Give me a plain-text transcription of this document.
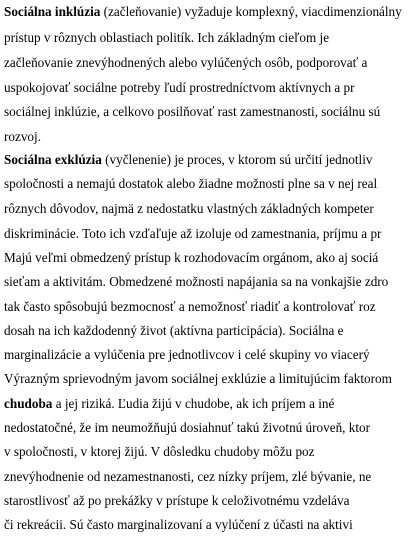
Sociálna inklúzia (začleňovanie) vyžaduje komplexný, viacdimenzionálny
prístup v rôznych oblastiach politík. Ich základným cieľom je
začleňovanie znevýhodnených alebo vylúčených osôb, podporovať a
uspokojovať sociálne potreby ľudí prostredníctvom aktívnych a pr
sociálnej inklúzie, a celkovo posilňovať rast zamestnanosti, sociálnu sú
rozvoj.
Sociálna exklúzia (vyčlenenie) je proces, v ktorom sú určití jednotliv
spoločnosti a nemajú dostatok alebo žiadne možnosti plne sa v nej real
rôznych dôvodov, najmä z nedostatku vlastných základných kompeter
diskriminácie. Toto ich vzďaľuje až izoluje od zamestnania, príjmu a pr
Majú veľmi obmedzený prístup k rozhodovacím orgánom, ako aj sociá
sieťam a aktivitám. Obmedzené možnosti napájania sa na vonkajšie zdro
tak často spôsobujú bezmocnosť a nemožnosť riadiť a kontrolovať roz
dosah na ich každodenný život (aktívna participácia). Sociálna e
marginalizácie a vylúčenia pre jednotlivcov i celé skupiny vo viacerý
Výrazným sprievodným javom sociálnej exklúzie a limitujúcim faktorom
chudoba a jej riziká. Ľudia žijú v chudobe, ak ich príjem a iné
nedostatočné, že im neumožňujú dosiahnuť takú životnú úroveň, ktor
v spoločnosti, v ktorej žijú. V dôsledku chudoby môžu poz
znevýhodnenie od nezamestnanosti, cez nízky príjem, zlé bývanie, ne
starostlivosť až po prekážky v prístupe k celoživotnému vzdeláva
či rekreácii. Sú často marginalizovaní a vylúčení z účasti na aktivi
